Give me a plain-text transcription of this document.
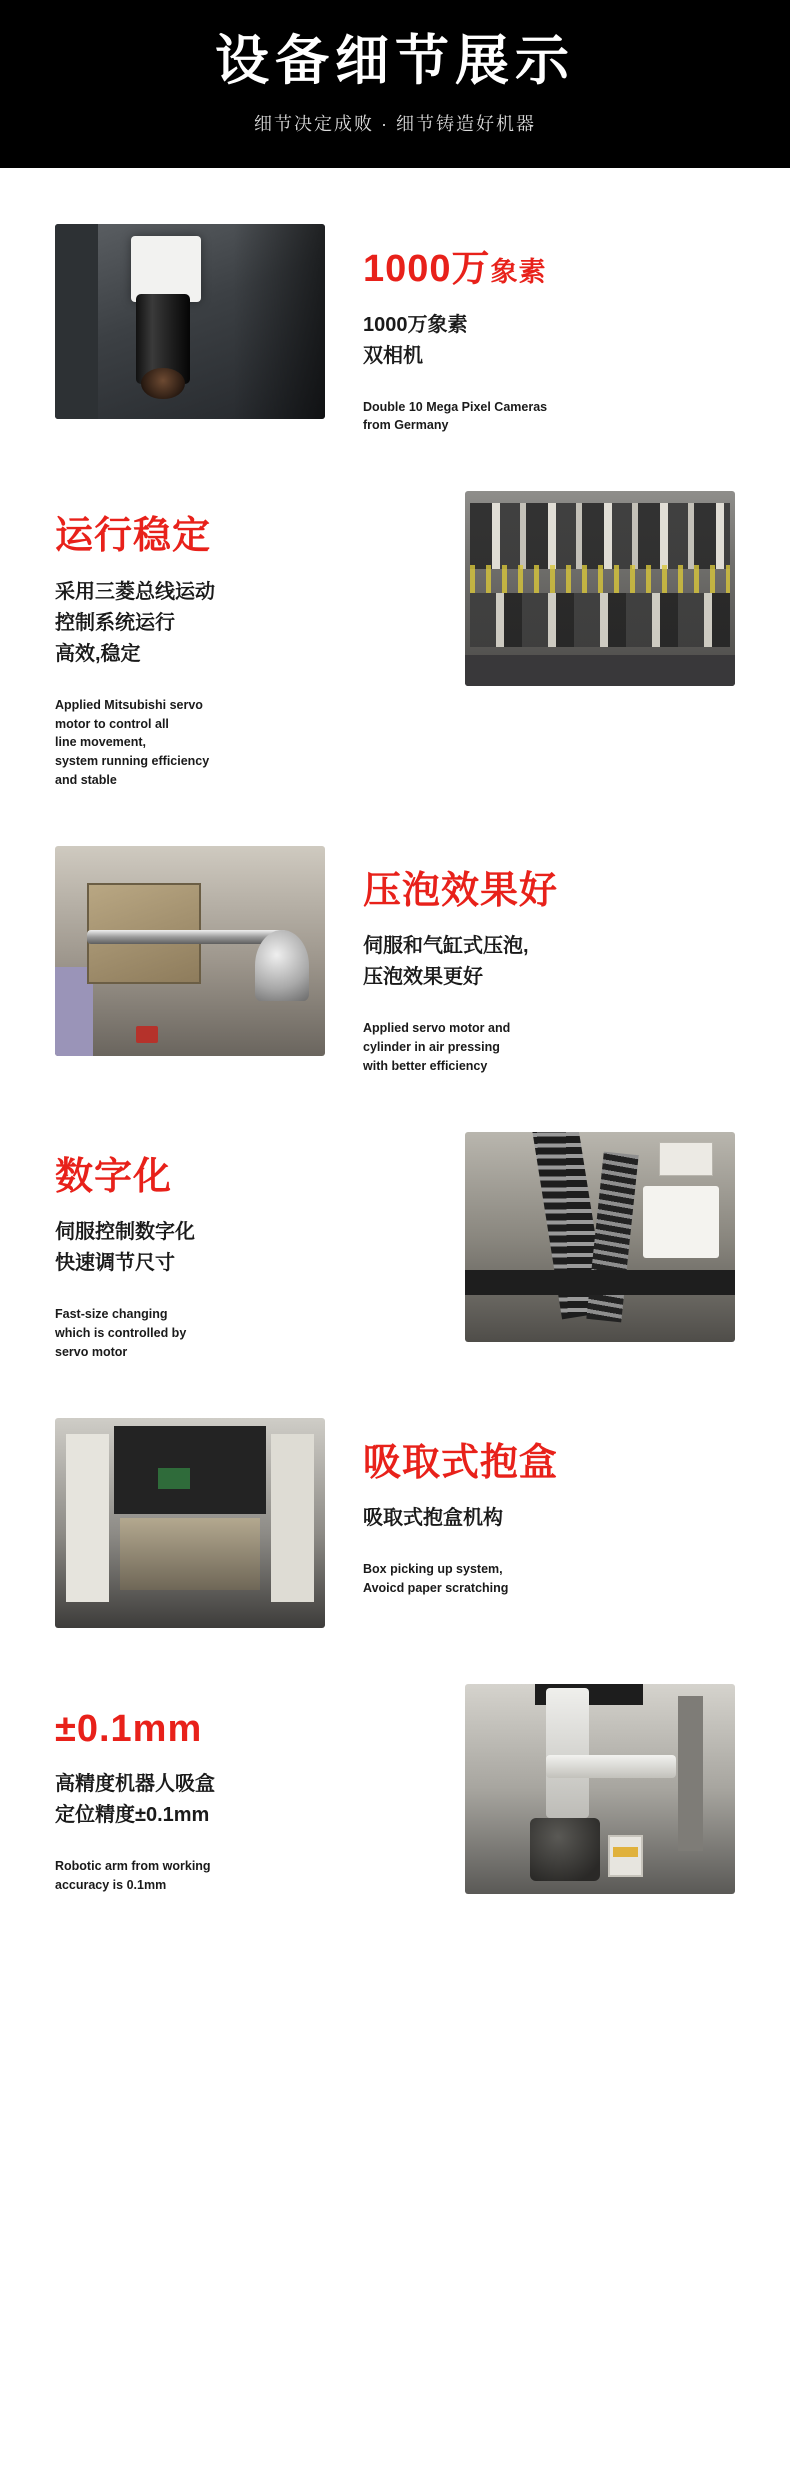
设备细节展示
细节决定成败 · 细节铸造好机器
1000万象素
1000万象素
双相机
Double 10 Mega Pixel Cameras
from Germany
运行稳定
采用三菱总线运动
控制系统运行
高效,稳定
Applied Mitsubishi servo
motor to control all
line movement,
system running efficiency
and stable
压泡效果好
伺服和气缸式压泡,
压泡效果更好
Applied servo motor and
cylinder in air pressing
with better efficiency
数字化
伺服控制数字化
快速调节尺寸
Fast-size changing
which is controlled by
servo motor
吸取式抱盒
吸取式抱盒机构
Box picking up system,
Avoicd paper scratching
±0.1mm
高精度机器人吸盒
定位精度±0.1mm
Robotic arm from working
accuracy is 0.1mm
